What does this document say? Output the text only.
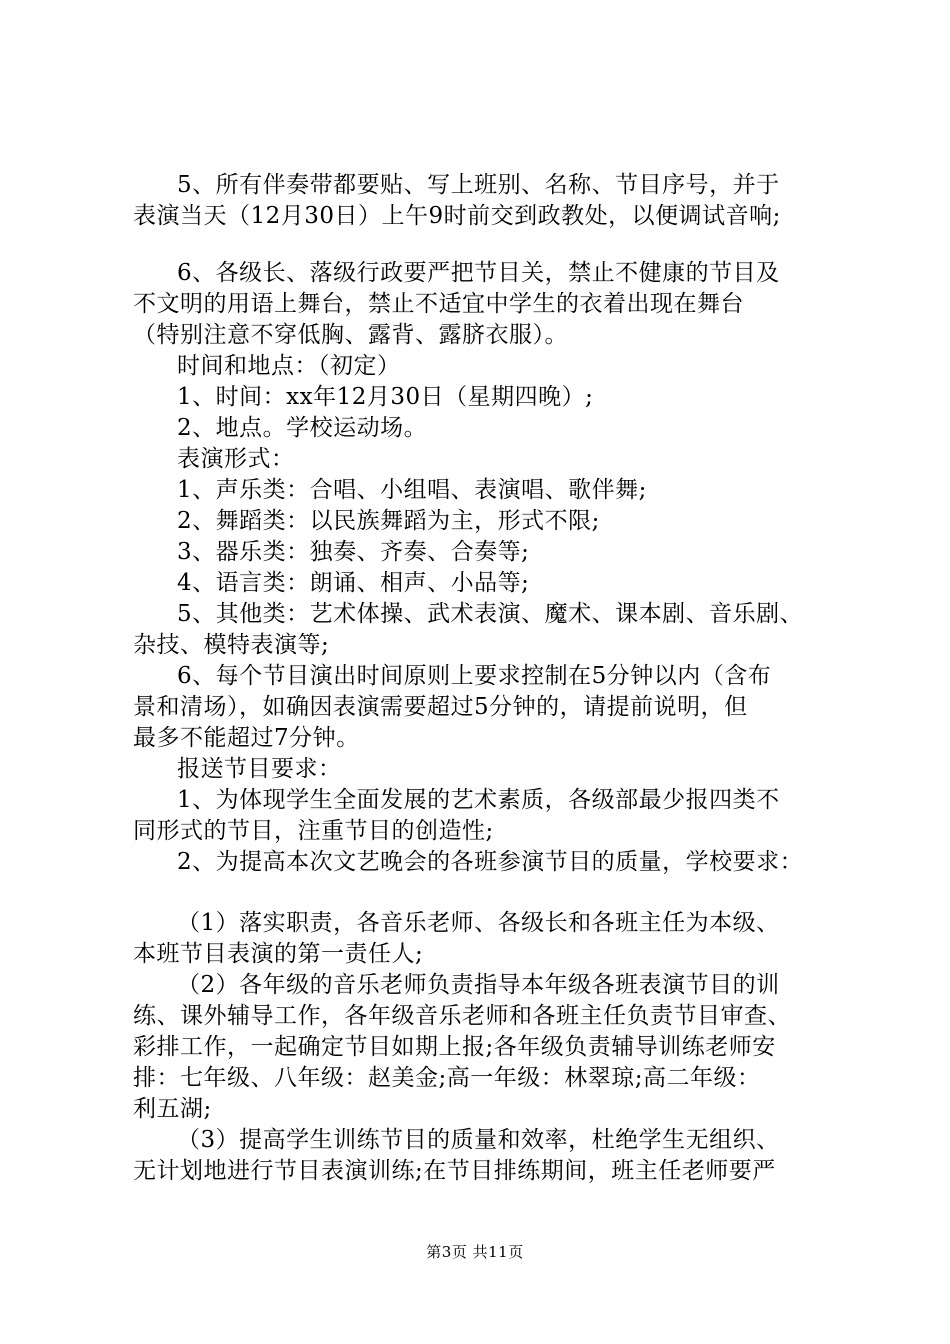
5、所有伴奏带都要贴、写上班别、名称、节目序号，并于
表演当天（12月30日）上午9时前交到政教处，以便调试音响;
6、各级长、落级行政要严把节目关，禁止不健康的节目及
不文明的用语上舞台，禁止不适宜中学生的衣着出现在舞台
（特别注意不穿低胸、露背、露脐衣服）。
时间和地点：（初定）
1、时间：xx年12月30日（星期四晚）;
2、地点。学校运动场。
表演形式：
1、声乐类：合唱、小组唱、表演唱、歌伴舞;
2、舞蹈类：以民族舞蹈为主，形式不限;
3、器乐类：独奏、齐奏、合奏等;
4、语言类：朗诵、相声、小品等;
5、其他类：艺术体操、武术表演、魔术、课本剧、音乐剧、
杂技、模特表演等;
6、每个节目演出时间原则上要求控制在5分钟以内（含布
景和清场），如确因表演需要超过5分钟的，请提前说明，但
最多不能超过7分钟。
报送节目要求：
1、为体现学生全面发展的艺术素质，各级部最少报四类不
同形式的节目，注重节目的创造性;
2、为提高本次文艺晚会的各班参演节目的质量，学校要求：
（1）落实职责，各音乐老师、各级长和各班主任为本级、
本班节目表演的第一责任人;
（2）各年级的音乐老师负责指导本年级各班表演节目的训
练、课外辅导工作，各年级音乐老师和各班主任负责节目审查、
彩排工作，一起确定节目如期上报;各年级负责辅导训练老师安
排：七年级、八年级：赵美金;高一年级：林翠琼;高二年级：
利五湖;
（3）提高学生训练节目的质量和效率，杜绝学生无组织、
无计划地进行节目表演训练;在节目排练期间，班主任老师要严
第3页 共11页
